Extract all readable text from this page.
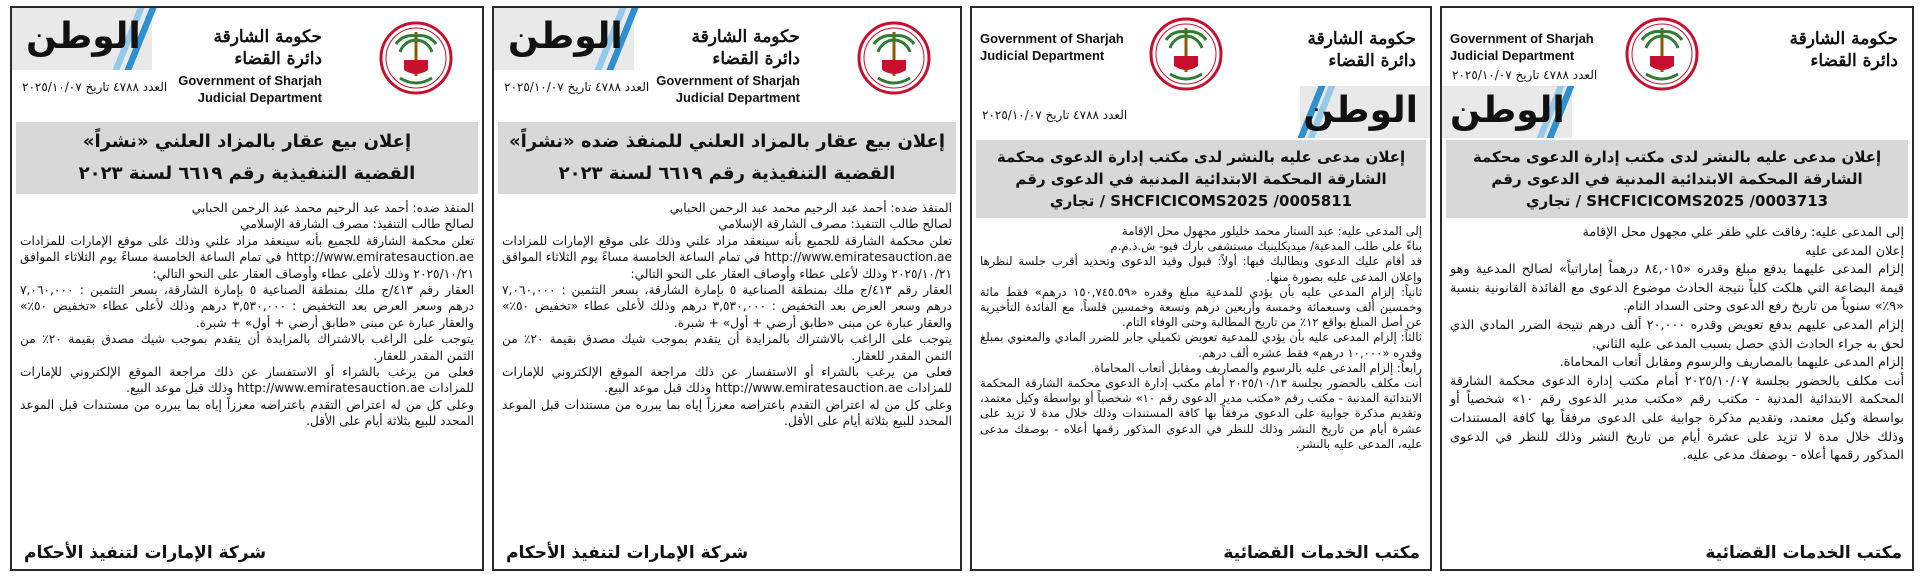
Government of Sharjah
Judicial Department
حكومة الشارقة
دائرة القضاء
الوطن
العدد ٤٧٨٨ تاريخ ٢٠٢٥/١٠/٠٧
إعلان مدعى عليه بالنشر لدى مكتب إدارة الدعوى محكمة
الشارقة المحكمة الابتدائية المدنية في الدعوى رقم
SHCFICICOMS2025 /0003713 / تجاري

إلى المدعى عليه: رفاقت علي ظفر علي مجهول محل الإقامة

إعلان المدعى عليه

إلزام المدعى عليهما بدفع مبلغ وقدره «٨٤,٠١٥ درهماً إماراتياً» لصالح المدعية وهو قيمة البضاعة التي هلكت كلياً نتيجة الحادث موضوع الدعوى مع الفائدة القانونية بنسبة «٩٪» سنوياً من تاريخ رفع الدعوى وحتى السداد التام.

إلزام المدعى عليهم بدفع تعويض وقدره ٢٠,٠٠٠ ألف درهم نتيجة الضرر المادي الذي لحق به جراء الحادث الذي حصل بسبب المدعى عليه الثاني.

إلزام المدعى عليهما بالمصاريف والرسوم ومقابل أتعاب المحاماة.

أنت مكلف بالحضور بجلسة ٢٠٢٥/١٠/٠٧ أمام مكتب إدارة الدعوى محكمة الشارقة المحكمة الابتدائية المدنية - مكتب رقم «مكتب مدير الدعوى رقم ١٠» شخصياً أو بواسطة وكيل معتمد، وتقديم مذكرة جوابية على الدعوى مرفقاً بها كافة المستندات وذلك خلال مدة لا تزيد على عشرة أيام من تاريخ النشر وذلك للنظر في الدعوى المذكور رقمها أعلاه - بوصفك مدعى عليه.

مكتب الخدمات القضائية
Government of Sharjah
Judicial Department
حكومة الشارقة
دائرة القضاء
الوطن
العدد ٤٧٨٨ تاريخ ٢٠٢٥/١٠/٠٧
إعلان مدعى عليه بالنشر لدى مكتب إدارة الدعوى محكمة
الشارقة المحكمة الابتدائية المدنية في الدعوى رقم
SHCFICICOMS2025 /0005811 / تجاري

إلى المدعى عليه: عبد الستار محمد خليلور مجهول محل الإقامة

بناءً على طلب المدعية/ ميديكلينيك مستشفى بارك فيو- ش.ذ.م.م

قد أقام عليك الدعوى ويطالبك فيها: أولاً: قبول وقيد الدعوى وتحديد أقرب جلسة لنظرها وإعلان المدعى عليه بصورة منها.

ثانياً: إلزام المدعى عليه بأن يؤدي للمدعية مبلغ وقدره «١٥٠,٧٤٥.٥٩ درهم» فقط مائة وخمسين ألف وسبعمائة وخمسة وأربعين درهم وتسعة وخمسين فلساً، مع الفائدة التأخيرية عن أصل المبلغ بواقع ١٢٪ من تاريخ المطالبة وحتى الوفاء التام.

ثالثاً: إلزام المدعى عليه بأن يؤدي للمدعية تعويض تكميلي جابر للضرر المادي والمعنوي بمبلغ وقدره «١٠,٠٠٠ درهم» فقط عشره ألف درهم.

رابعاً: إلزام المدعى عليه بالرسوم والمصاريف ومقابل أتعاب المحاماة.

أنت مكلف بالحضور بجلسة ٢٠٢٥/١٠/١٣ أمام مكتب إدارة الدعوى محكمة الشارقة المحكمة الابتدائية المدنية - مكتب رقم «مكتب مدير الدعوى رقم ١٠» شخصياً أو بواسطة وكيل معتمد، وتقديم مذكرة جوابية على الدعوى مرفقاً بها كافة المستندات وذلك خلال مدة لا تزيد على عشرة أيام من تاريخ النشر وذلك للنظر في الدعوى المذكور رقمها أعلاه - بوصفك مدعى عليه، المدعى عليه بالنشر.

مكتب الخدمات القضائية
حكومة الشارقة
دائرة القضاء
Government of Sharjah
Judicial Department
الوطن
العدد ٤٧٨٨ تاريخ ٢٠٢٥/١٠/٠٧
إعلان بيع عقار بالمزاد العلني للمنفذ ضده «نشراً»
القضية التنفيذية رقم ٦٦١٩ لسنة ٢٠٢٣

المنفذ ضده: أحمد عبد الرحيم محمد عبد الرحمن الحبابي

لصالح طالب التنفيذ: مصرف الشارقة الإسلامي

تعلن محكمة الشارقة للجميع بأنه سينعقد مزاد علني وذلك على موقع الإمارات للمزادات http://www.emiratesauction.ae في تمام الساعة الخامسة مساءً يوم الثلاثاء الموافق ٢٠٢٥/١٠/٢١ وذلك لأعلى عطاء وأوصاف العقار على النحو التالي:

العقار رقم ٤١٣/ج ملك بمنطقة الصناعية ٥ بإمارة الشارقة، بسعر التثمين : ٧,٠٦٠,٠٠٠ درهم وسعر العرض بعد التخفيض : ٣,٥٣٠,٠٠٠ درهم وذلك لأعلى عطاء «تخفيض ٥٠٪» والعقار عبارة عن مبنى «طابق أرضي + أول» + شبرة.

يتوجب على الراغب بالاشتراك بالمزايدة أن يتقدم بموجب شيك مصدق بقيمة ٢٠٪ من الثمن المقدر للعقار.

فعلى من يرغب بالشراء أو الاستفسار عن ذلك مراجعة الموقع الإلكتروني للإمارات للمزادات http://www.emiratesauction.ae وذلك قبل موعد البيع.

وعلى كل من له اعتراض التقدم باعتراضه معززاً إياه بما يبرره من مستندات قبل الموعد المحدد للبيع بثلاثة أيام على الأقل.

شركة الإمارات لتنفيذ الأحكام
حكومة الشارقة
دائرة القضاء
Government of Sharjah
Judicial Department
الوطن
العدد ٤٧٨٨ تاريخ ٢٠٢٥/١٠/٠٧
إعلان بيع عقار بالمزاد العلني «نشراً»
القضية التنفيذية رقم ٦٦١٩ لسنة ٢٠٢٣

المنفذ ضده: أحمد عبد الرحيم محمد عبد الرحمن الحبابي

لصالح طالب التنفيذ: مصرف الشارقة الإسلامي

تعلن محكمة الشارقة للجميع بأنه سينعقد مزاد علني وذلك على موقع الإمارات للمزادات http://www.emiratesauction.ae في تمام الساعة الخامسة مساءً يوم الثلاثاء الموافق ٢٠٢٥/١٠/٢١ وذلك لأعلى عطاء وأوصاف العقار على النحو التالي:

العقار رقم ٤١٣/ج ملك بمنطقة الصناعية ٥ بإمارة الشارقة، بسعر التثمين : ٧,٠٦٠,٠٠٠ درهم وسعر العرض بعد التخفيض : ٣,٥٣٠,٠٠٠ درهم وذلك لأعلى عطاء «تخفيض ٥٠٪» والعقار عبارة عن مبنى «طابق أرضي + أول» + شبرة.

يتوجب على الراغب بالاشتراك بالمزايدة أن يتقدم بموجب شيك مصدق بقيمة ٢٠٪ من الثمن المقدر للعقار.

فعلى من يرغب بالشراء أو الاستفسار عن ذلك مراجعة الموقع الإلكتروني للإمارات للمزادات http://www.emiratesauction.ae وذلك قبل موعد البيع.

وعلى كل من له اعتراض التقدم باعتراضه معززاً إياه بما يبرره من مستندات قبل الموعد المحدد للبيع بثلاثة أيام على الأقل.

شركة الإمارات لتنفيذ الأحكام
